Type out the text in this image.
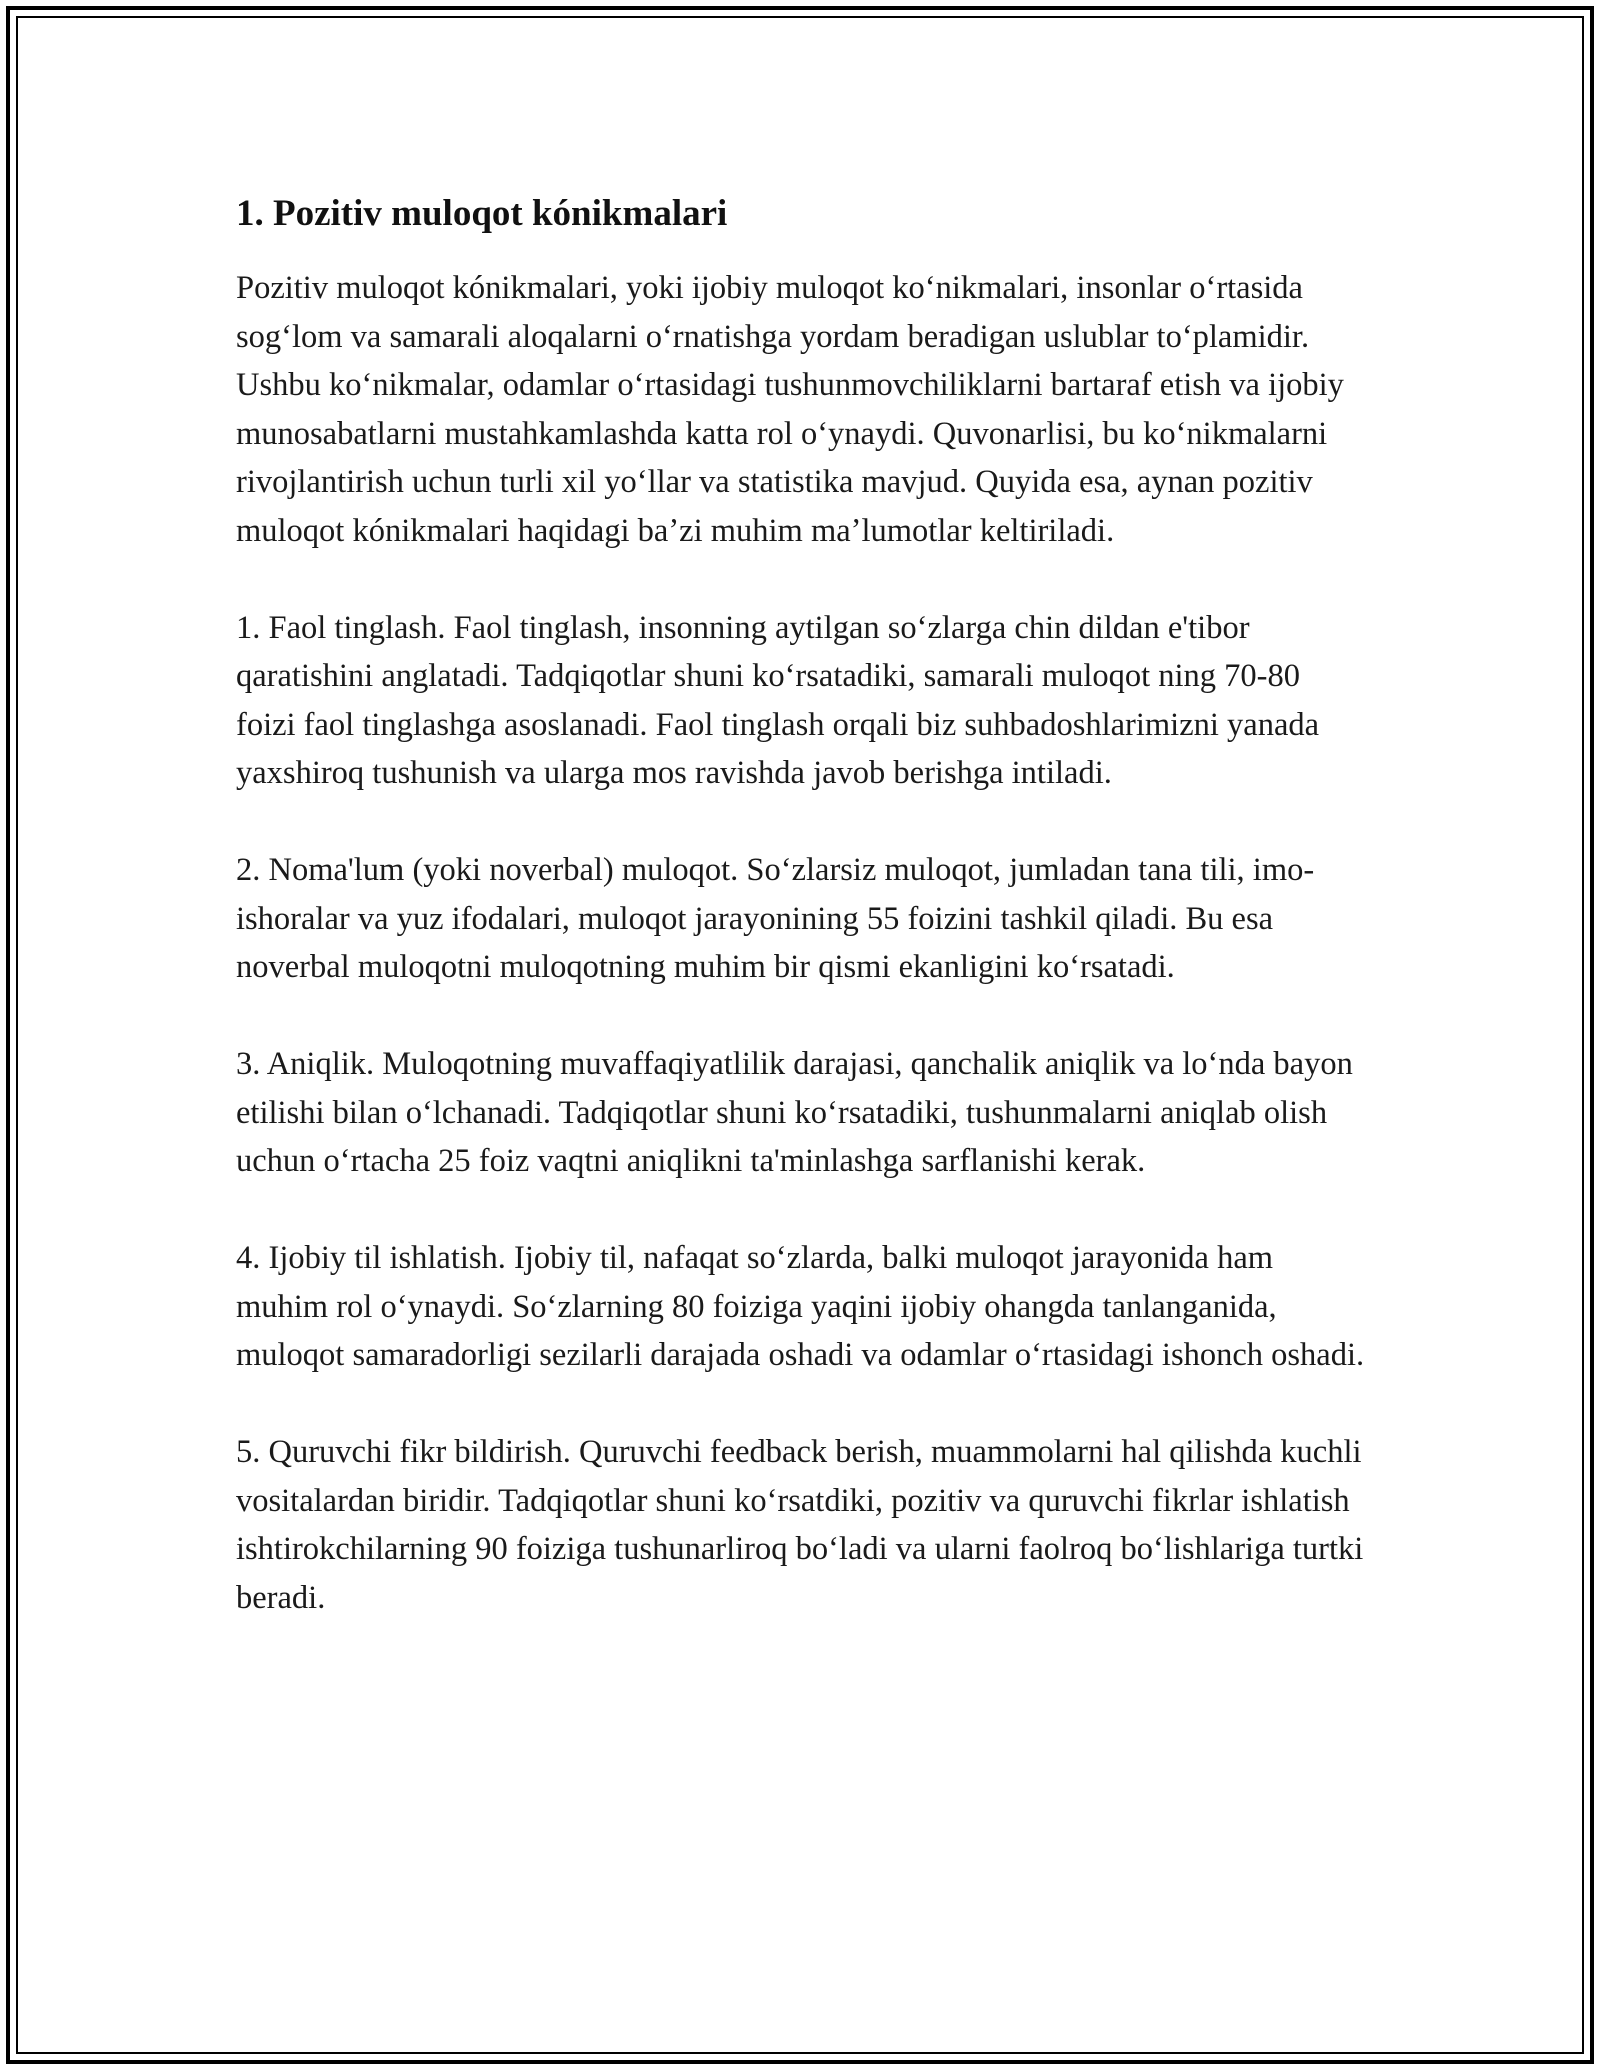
1. Pozitiv muloqot kónikmalari

Pozitiv muloqot kónikmalari, yoki ijobiy muloqot koʻnikmalari, insonlar oʻrtasida sogʻlom va samarali aloqalarni oʻrnatishga yordam beradigan uslublar toʻplamidir. Ushbu koʻnikmalar, odamlar oʻrtasidagi tushunmovchiliklarni bartaraf etish va ijobiy munosabatlarni mustahkamlashda katta rol oʻynaydi. Quvonarlisi, bu koʻnikmalarni rivojlantirish uchun turli xil yoʻllar va statistika mavjud. Quyida esa, aynan pozitiv muloqot kónikmalari haqidagi baʼzi muhim maʼlumotlar keltiriladi.

1. Faol tinglash. Faol tinglash, insonning aytilgan soʻzlarga chin dildan e'tibor qaratishini anglatadi. Tadqiqotlar shuni koʻrsatadiki, samarali muloqot ning 70-80 foizi faol tinglashga asoslanadi. Faol tinglash orqali biz suhbadoshlarimizni yanada yaxshiroq tushunish va ularga mos ravishda javob berishga intiladi.

2. Noma'lum (yoki noverbal) muloqot. Soʻzlarsiz muloqot, jumladan tana tili, imo-ishoralar va yuz ifodalari, muloqot jarayonining 55 foizini tashkil qiladi. Bu esa noverbal muloqotni muloqotning muhim bir qismi ekanligini koʻrsatadi.

3. Aniqlik. Muloqotning muvaffaqiyatlilik darajasi, qanchalik aniqlik va loʻnda bayon etilishi bilan oʻlchanadi. Tadqiqotlar shuni koʻrsatadiki, tushunmalarni aniqlab olish uchun oʻrtacha 25 foiz vaqtni aniqlikni ta'minlashga sarflanishi kerak.

4. Ijobiy til ishlatish. Ijobiy til, nafaqat soʻzlarda, balki muloqot jarayonida ham muhim rol oʻynaydi. Soʻzlarning 80 foiziga yaqini ijobiy ohangda tanlanganida, muloqot samaradorligi sezilarli darajada oshadi va odamlar oʻrtasidagi ishonch oshadi.

5. Quruvchi fikr bildirish. Quruvchi feedback berish, muammolarni hal qilishda kuchli vositalardan biridir. Tadqiqotlar shuni koʻrsatdiki, pozitiv va quruvchi fikrlar ishlatish ishtirokchilarning 90 foiziga tushunarliroq boʻladi va ularni faolroq boʻlishlariga turtki beradi.
